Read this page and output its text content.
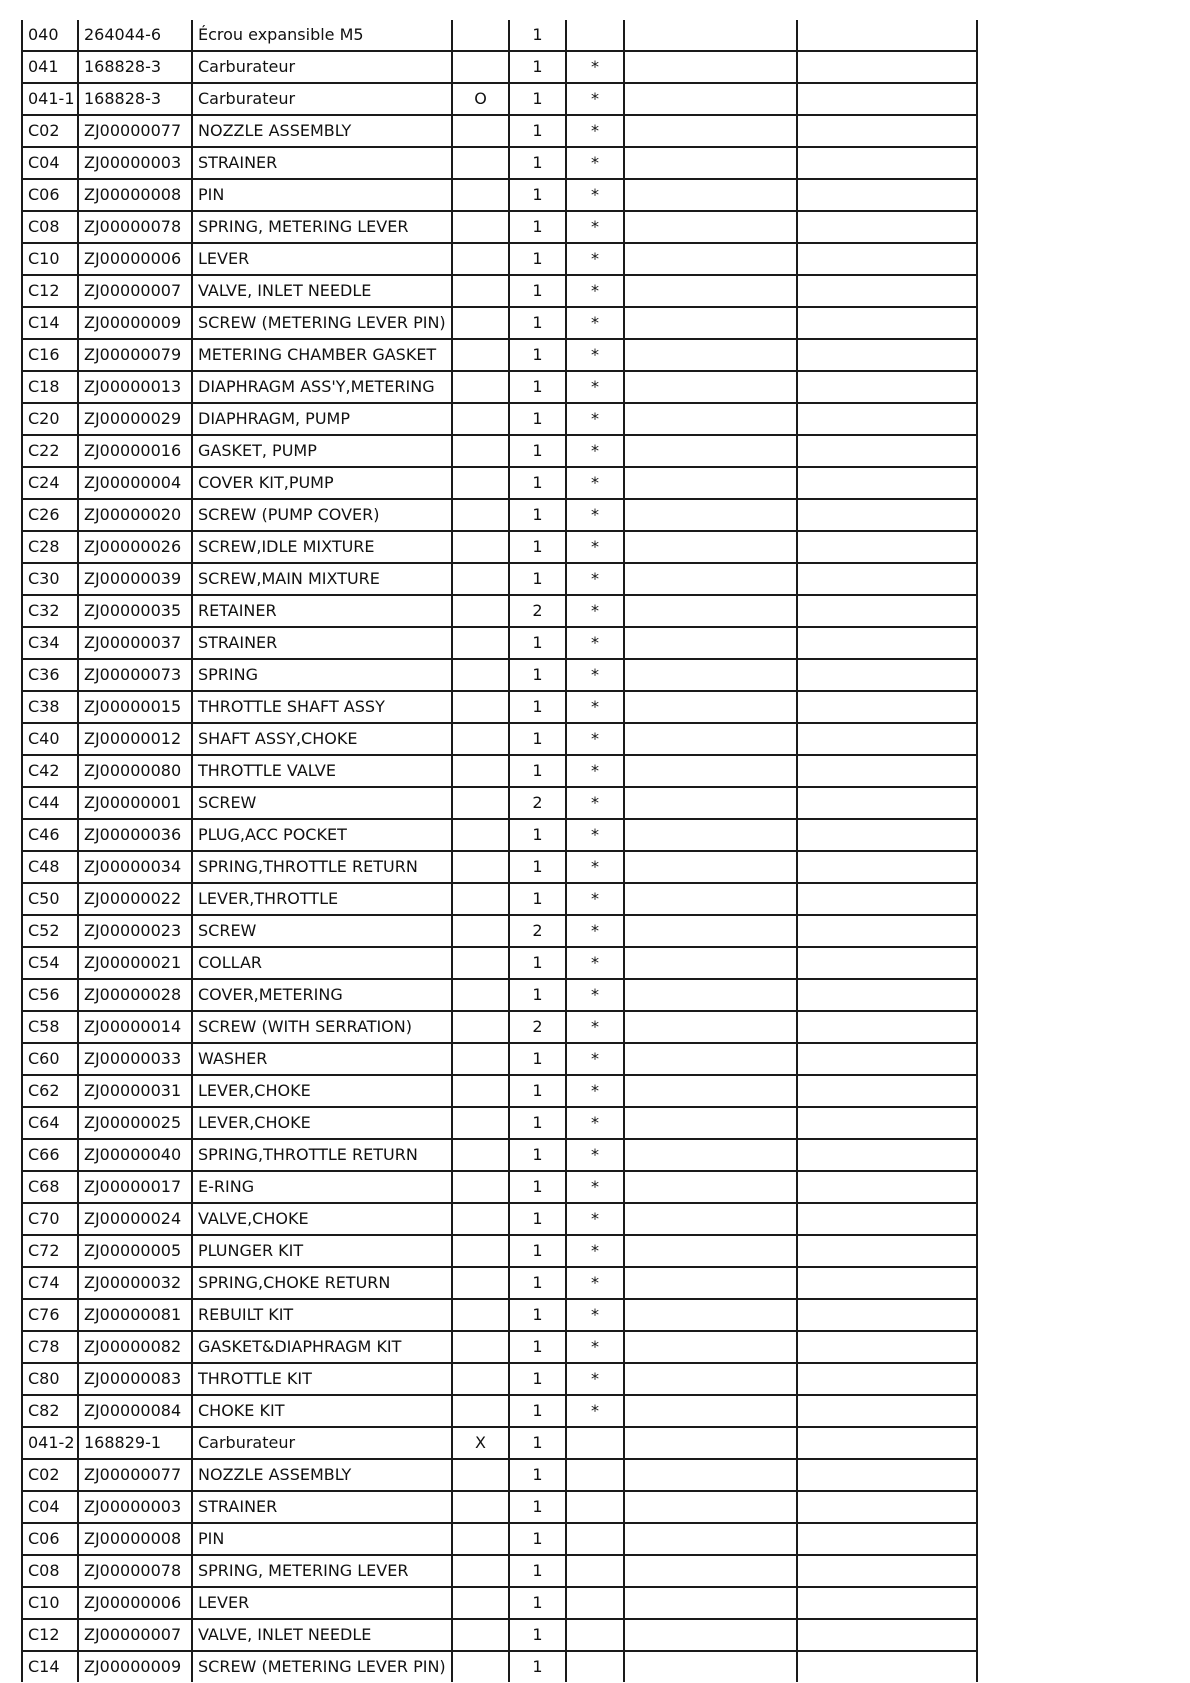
040	264044-6	Écrou expansible M5		1			
041	168828-3	Carburateur		1	*		
041-1	168828-3	Carburateur	O	1	*		
C02	ZJ00000077	NOZZLE ASSEMBLY		1	*		
C04	ZJ00000003	STRAINER		1	*		
C06	ZJ00000008	PIN		1	*		
C08	ZJ00000078	SPRING, METERING LEVER		1	*		
C10	ZJ00000006	LEVER		1	*		
C12	ZJ00000007	VALVE, INLET NEEDLE		1	*		
C14	ZJ00000009	SCREW (METERING LEVER PIN)		1	*		
C16	ZJ00000079	METERING CHAMBER GASKET		1	*		
C18	ZJ00000013	DIAPHRAGM ASS'Y,METERING		1	*		
C20	ZJ00000029	DIAPHRAGM, PUMP		1	*		
C22	ZJ00000016	GASKET, PUMP		1	*		
C24	ZJ00000004	COVER KIT,PUMP		1	*		
C26	ZJ00000020	SCREW (PUMP COVER)		1	*		
C28	ZJ00000026	SCREW,IDLE MIXTURE		1	*		
C30	ZJ00000039	SCREW,MAIN MIXTURE		1	*		
C32	ZJ00000035	RETAINER		2	*		
C34	ZJ00000037	STRAINER		1	*		
C36	ZJ00000073	SPRING		1	*		
C38	ZJ00000015	THROTTLE SHAFT ASSY		1	*		
C40	ZJ00000012	SHAFT ASSY,CHOKE		1	*		
C42	ZJ00000080	THROTTLE VALVE		1	*		
C44	ZJ00000001	SCREW		2	*		
C46	ZJ00000036	PLUG,ACC POCKET		1	*		
C48	ZJ00000034	SPRING,THROTTLE RETURN		1	*		
C50	ZJ00000022	LEVER,THROTTLE		1	*		
C52	ZJ00000023	SCREW		2	*		
C54	ZJ00000021	COLLAR		1	*		
C56	ZJ00000028	COVER,METERING		1	*		
C58	ZJ00000014	SCREW (WITH SERRATION)		2	*		
C60	ZJ00000033	WASHER		1	*		
C62	ZJ00000031	LEVER,CHOKE		1	*		
C64	ZJ00000025	LEVER,CHOKE		1	*		
C66	ZJ00000040	SPRING,THROTTLE RETURN		1	*		
C68	ZJ00000017	E-RING		1	*		
C70	ZJ00000024	VALVE,CHOKE		1	*		
C72	ZJ00000005	PLUNGER KIT		1	*		
C74	ZJ00000032	SPRING,CHOKE RETURN		1	*		
C76	ZJ00000081	REBUILT KIT		1	*		
C78	ZJ00000082	GASKET&DIAPHRAGM KIT		1	*		
C80	ZJ00000083	THROTTLE KIT		1	*		
C82	ZJ00000084	CHOKE KIT		1	*		
041-2	168829-1	Carburateur	X	1			
C02	ZJ00000077	NOZZLE ASSEMBLY		1			
C04	ZJ00000003	STRAINER		1			
C06	ZJ00000008	PIN		1			
C08	ZJ00000078	SPRING, METERING LEVER		1			
C10	ZJ00000006	LEVER		1			
C12	ZJ00000007	VALVE, INLET NEEDLE		1			
C14	ZJ00000009	SCREW (METERING LEVER PIN)		1			
